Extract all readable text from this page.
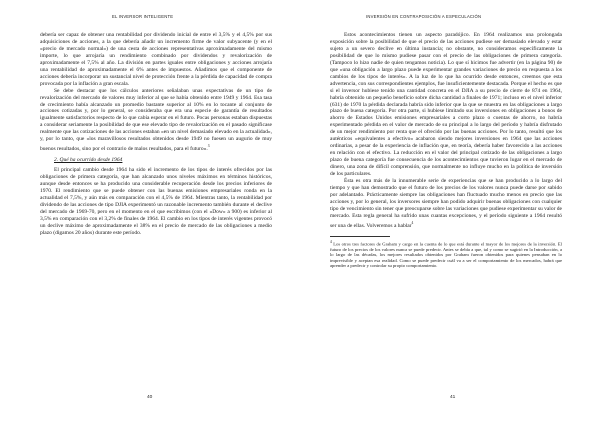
EL INVERSOR INTELIGENTE

debería ser capaz de obtener una rentabilidad por dividendo inicial de entre el 3,5% y el 4,5% por sus adquisiciones de acciones, a la que debería añadir un incremento firme de valor subyacente (y en el «precio de mercado normal») de una cesta de acciones representativas aproximadamente del mismo importe, lo que arrojaría un rendimiento combinado por dividendos y revalorización de aproximadamente el 7,5% al año. La división en partes iguales entre obligaciones y acciones arrojaría una rentabilidad de aproximadamente el 6% antes de impuestos. Añadimos que el componente de acciones debería incorporar un sustancial nivel de protección frente a la pérdida de capacidad de compra provocada por la inflación a gran escala.

Se debe destacar que los cálculos anteriores señalaban unas expectativas de un tipo de revalorización del mercado de valores muy inferior al que se había obtenido entre 1949 y 1964. Esa tasa de crecimiento había alcanzado un promedio bastante superior al 10% en lo tocante al conjunto de acciones cotizadas y, por lo general, se consideraba que era una especie de garantía de resultados igualmente satisfactorios respecto de lo que cabía esperar en el futuro. Pocas personas estaban dispuestas a considerar seriamente la posibilidad de que ese elevado tipo de revalorización en el pasado significase realmente que las cotizaciones de las acciones estaban «en un nivel demasiado elevado en la actualidad», y, por lo tanto, que «los maravillosos resultados obtenidos desde 1949 no fuesen un augurio de muy buenos resultados, sino por el contrario de malos resultados, para el futuro».$^3$

2. Qué ha ocurrido desde 1964

El principal cambio desde 1964 ha sido el incremento de los tipos de interés ofrecidos por las obligaciones de primera categoría, que han alcanzado unos niveles máximos en términos históricos, aunque desde entonces se ha producido una considerable recuperación desde los precios inferiores de 1970. El rendimiento que se puede obtener con las buenas emisiones empresariales ronda en la actualidad el 7,5%, y aún más en comparación con el 4,5% de 1964. Mientras tanto, la rentabilidad por dividendo de las acciones de tipo DJIA experimentó un razonable incremento también durante el declive del mercado de 1969-70, pero en el momento en el que escribimos (con el «Dow» a 900) es inferior al 3,5% en comparación con el 3,2% de finales de 1964. El cambio en los tipos de interés vigentes provocó un declive máximo de aproximadamente el 38% en el precio de mercado de las obligaciones a medio plazo (digamos 20 años) durante este período.

40
INVERSIÓN EN CONTRAPOSICIÓN A ESPECULACIÓN

Estos acontecimientos tienen un aspecto paradójico. En 1964 realizamos una prolongada exposición sobre la posibilidad de que el precio de las acciones pudiese ser demasiado elevado y estar sujeto a un severo declive en última instancia; no obstante, no consideramos específicamente la posibilidad de que lo mismo pudiese pasar con el precio de las obligaciones de primera categoría. (Tampoco lo hizo nadie de quien tengamos noticia). Lo que sí hicimos fue advertir (en la página 90) de que «una obligación a largo plazo puede experimentar grandes variaciones de precio en respuesta a los cambios de los tipos de interés». A la luz de lo que ha ocurrido desde entonces, creemos que esta advertencia, con sus correspondientes ejemplos, fue insuficientemente destacada. Porque el hecho es que si el inversor hubiese tenido una cantidad concreta en el DJIA a su precio de cierre de 874 en 1964, habría obtenido un pequeño beneficio sobre dicha cantidad a finales de 1971; incluso en el nivel inferior (631) de 1970 la pérdida declarada habría sido inferior que la que se muestra en las obligaciones a largo plazo de buena categoría. Por otra parte, si hubiese limitado sus inversiones en obligaciones a bonos de ahorro de Estados Unidos emisiones empresariales a corto plazo o cuentas de ahorro, no habría experimentado pérdida en el valor de mercado de su principal a lo largo del período y habría disfrutado de un mejor rendimiento por renta que el ofrecido por las buenas acciones. Por lo tanto, resultó que los auténticos «equivalentes a efectivo» acabaron siendo mejores inversiones en 1964 que las acciones ordinarias, a pesar de la experiencia de inflación que, en teoría, debería haber favorecido a las acciones en relación con el efectivo. La reducción en el valor del principal cotizado de las obligaciones a largo plazo de buena categoría fue consecuencia de los acontecimientos que tuvieron lugar en el mercado de dinero, una zona de difícil comprensión, que normalmente no influye mucho en la política de inversión de los particulares.

Ésta es otra más de la innumerable serie de experiencias que se han producido a lo largo del tiempo y que han demostrado que el futuro de los precios de los valores nunca puede darse por sabido por adelantado. Prácticamente siempre las obligaciones han fluctuado mucho menos en precio que las acciones y, por lo general, los inversores siempre han podido adquirir buenas obligaciones con cualquier tipo de vencimiento sin tener que preocuparse sobre las variaciones que pudiese experimentar su valor de mercado. Esta regla general ha sufrido unas cuantas excepciones, y el período siguiente a 1964 resultó ser una de ellas. Volveremos a hablar$^4$

$^4$ Los otros tres factores de Graham y cargo en la cuenta de lo que está durante el mayor de los mejores de la inversión. El futuro de los precios de los valores nunca se puede predecir. Antes se debía a que, tal y como se sugirió en la Introducción, a lo largo de las décadas, los mejores resultados obtenidos por Graham fueron obtenidos para quienes pensaban en lo imprevisible y aceptan esa realidad. Como se puede predecir cuál va a ser el comportamiento de los mercados, habrá que aprender a predecir y controlar su propio comportamiento.
41
